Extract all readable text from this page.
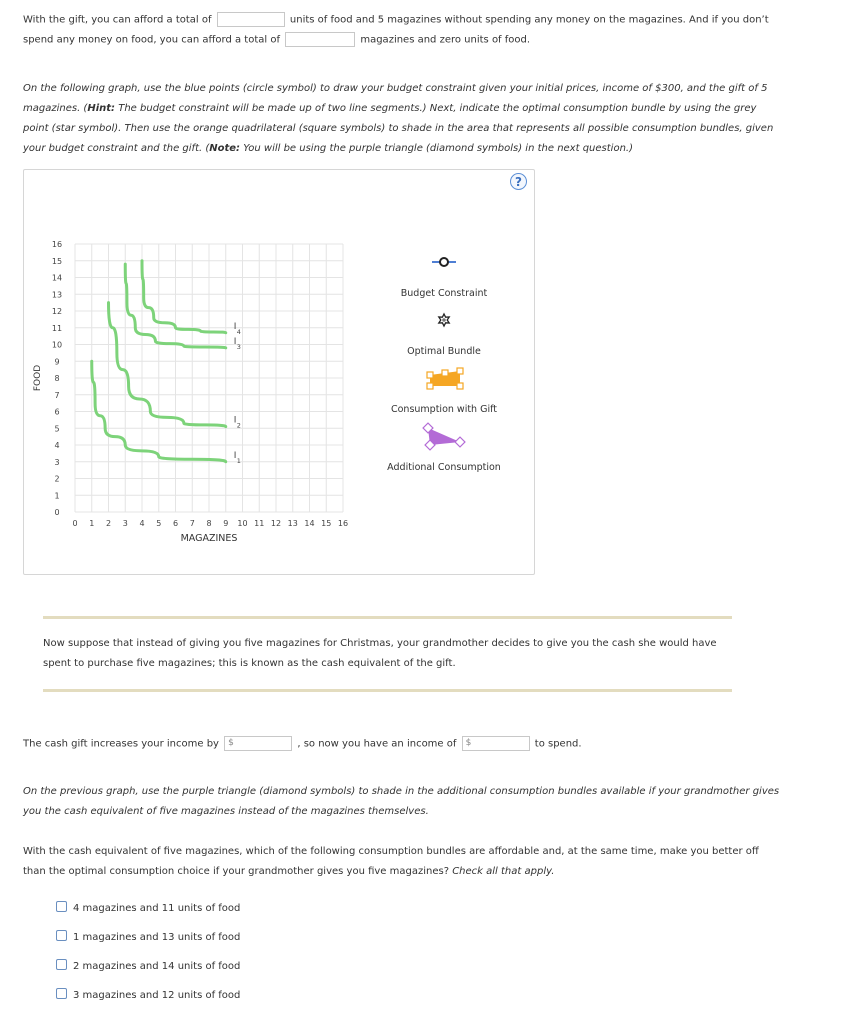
With the gift, you can afford a total of	units of food and 5 magazines without spending any money on the magazines. And if you don’t
spend any money on food, you can afford a total of	magazines and zero units of food.
On the following graph, use the blue points (circle symbol) to draw your budget constraint given your initial prices, income of $300, and the gift of 5
magazines. (Hint: The budget constraint will be made up of two line segments.) Next, indicate the optimal consumption bundle by using the grey
point (star symbol). Then use the orange quadrilateral (square symbols) to shade in the area that represents all possible consumption bundles, given
your budget constraint and the gift. (Note: You will be using the purple triangle (diamond symbols) in the next question.)
?
0 1 2 3 4 5 6 7 8 9 10 11 12 13 14 15 16
0
1
2
3
4
5
6
7
8
9
10
11
12
13
14
15
16
MAGAZINES
FOOD
I 1
I 2
I 3
I 4
Budget Constraint
Optimal Bundle
Consumption with Gift
Additional Consumption
Now suppose that instead of giving you five magazines for Christmas, your grandmother decides to give you the cash she would have
spent to purchase five magazines; this is known as the cash equivalent of the gift.
The cash gift increases your income by $	, so now you have an income of $	to spend.
On the previous graph, use the purple triangle (diamond symbols) to shade in the additional consumption bundles available if your grandmother gives
you the cash equivalent of five magazines instead of the magazines themselves.
With the cash equivalent of five magazines, which of the following consumption bundles are affordable and, at the same time, make you better off
than the optimal consumption choice if your grandmother gives you five magazines? Check all that apply.
4 magazines and 11 units of food
1 magazines and 13 units of food
2 magazines and 14 units of food
3 magazines and 12 units of food
